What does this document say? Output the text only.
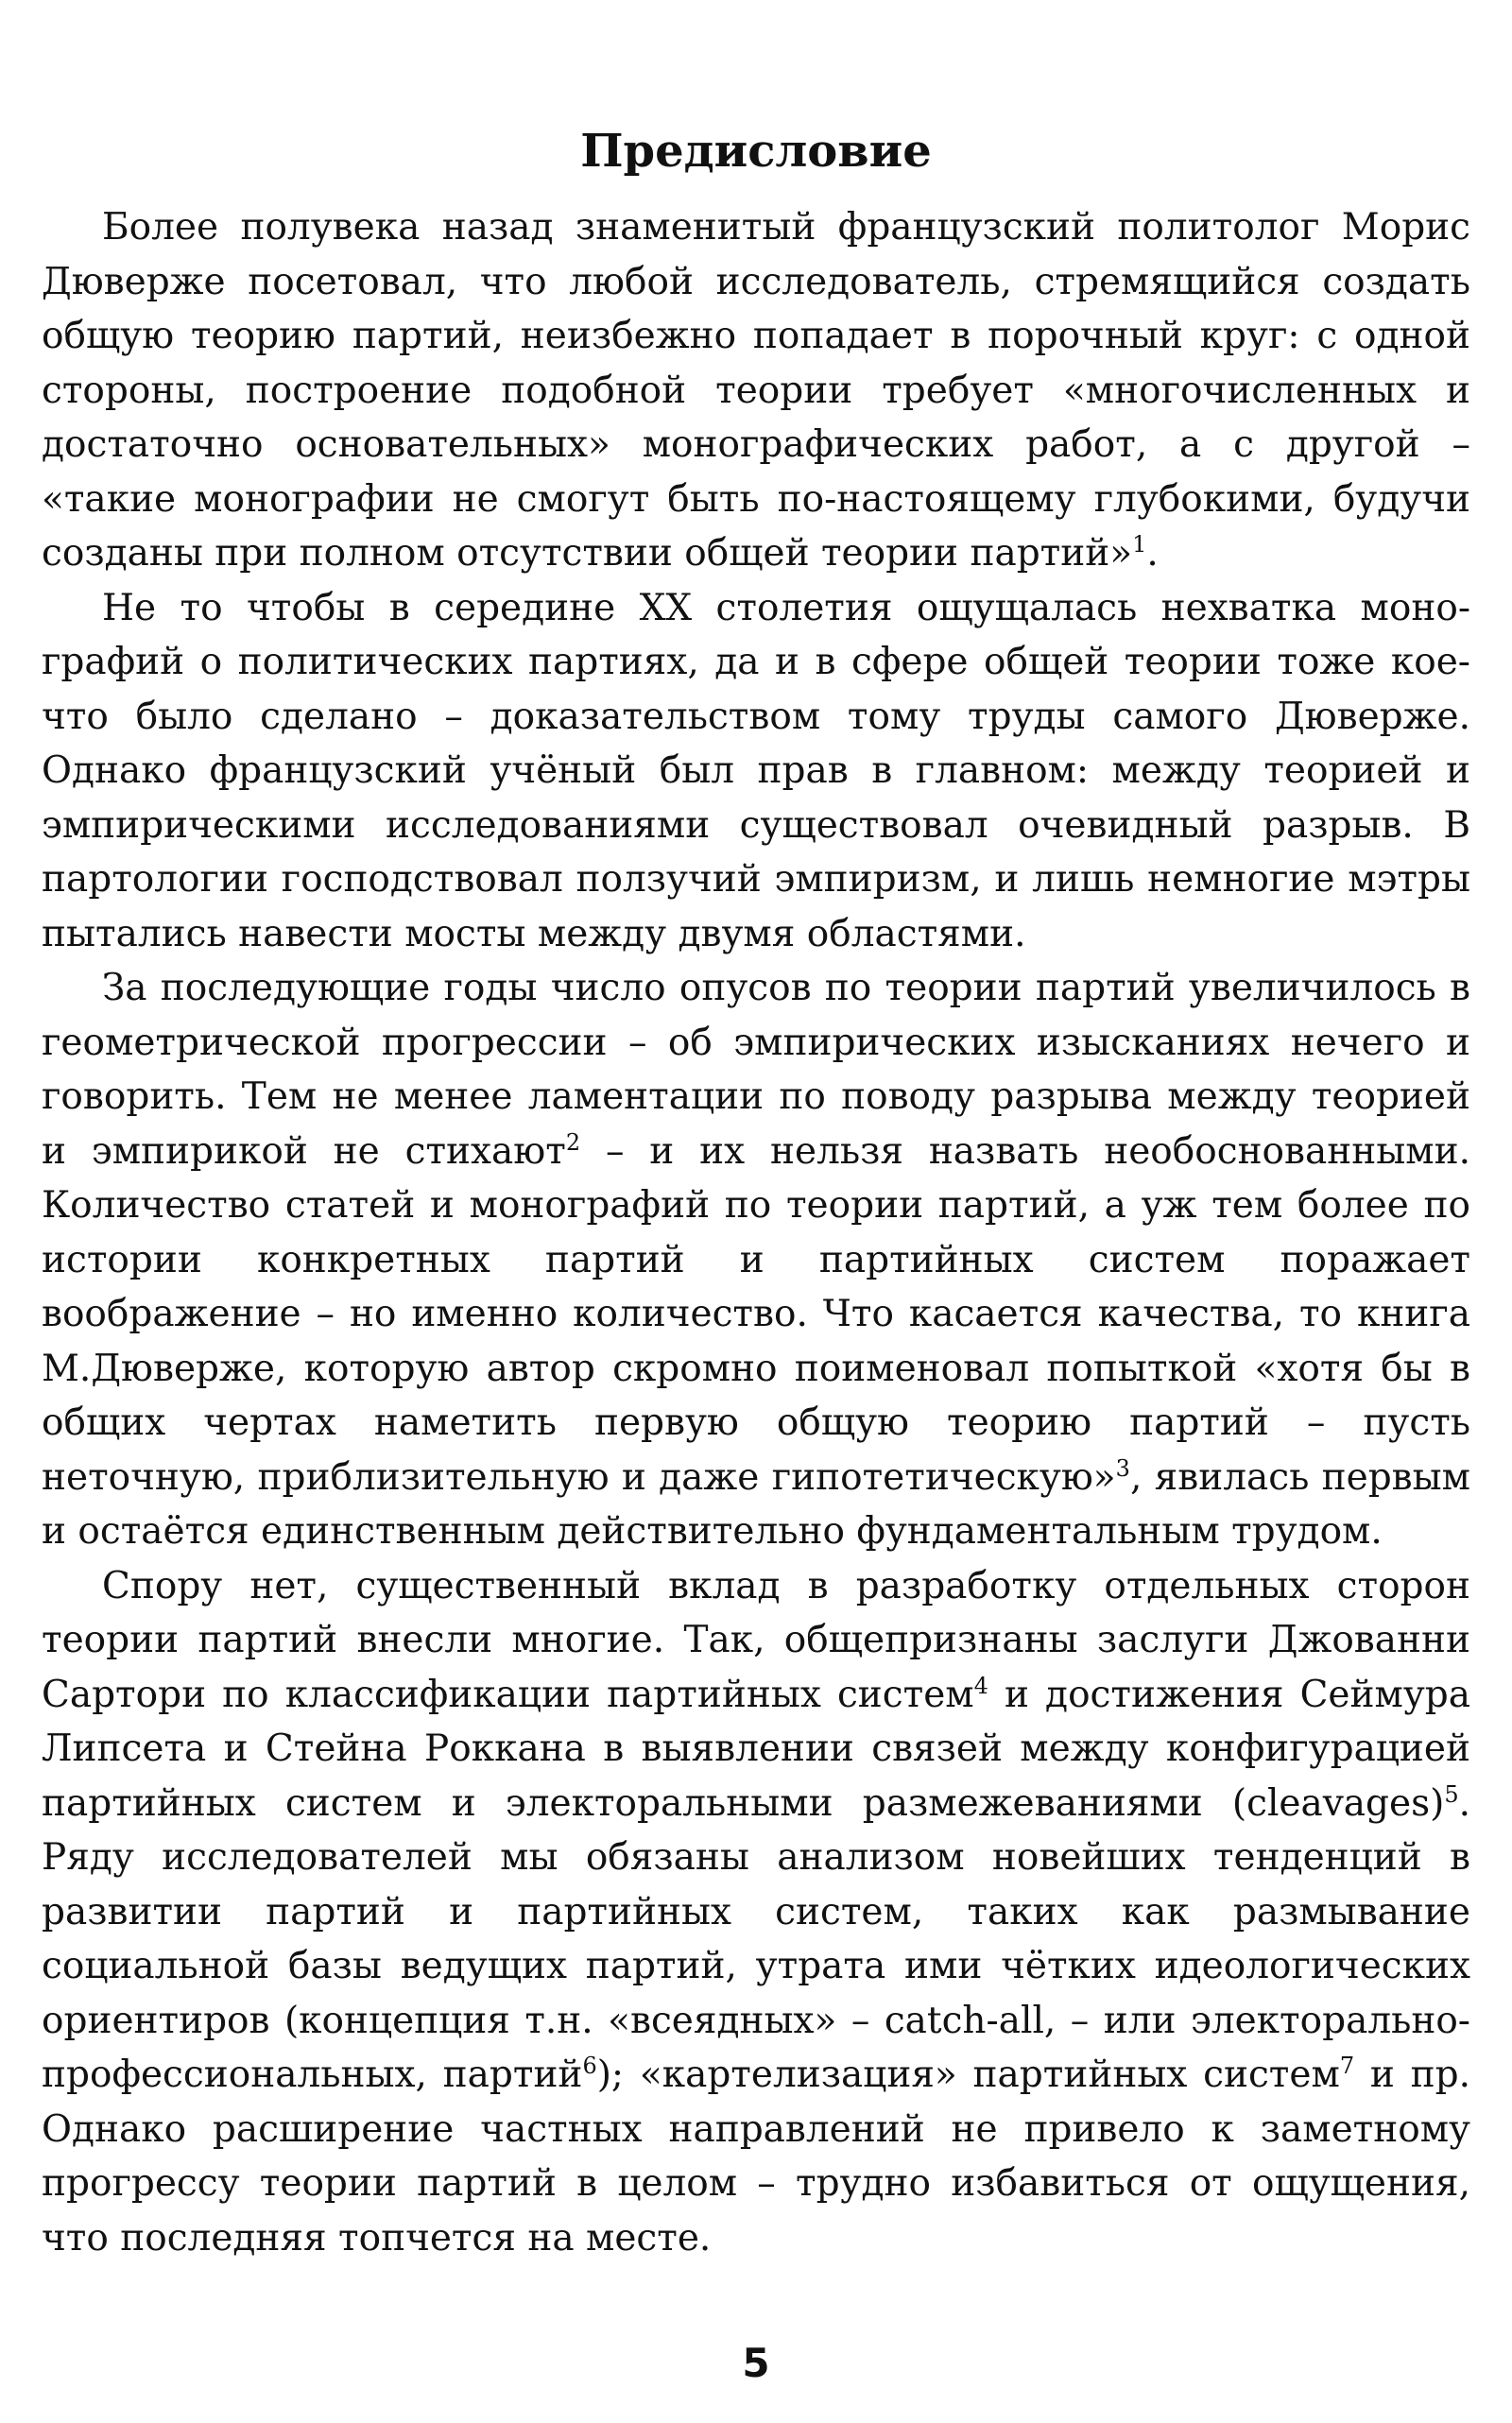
Предисловие

Более полувека назад знаменитый французский политолог Морис Дюверже посетовал, что любой исследователь, стремящийся создать общую теорию партий, неизбежно попадает в порочный круг: с одной стороны, построение подобной теории требует «многочисленных и достаточно основательных» монографических работ, а с другой – «такие монографии не смогут быть по-настоящему глубокими, будучи созданы при полном отсутствии общей теории партий»$^1$.

Не то чтобы в середине XX столетия ощущалась нехватка монографий о политических партиях, да и в сфере общей теории тоже кое-что было сделано – доказательством тому труды самого Дюверже. Однако французский учёный был прав в главном: между теорией и эмпирическими исследованиями существовал очевидный разрыв. В партологии господствовал ползучий эмпиризм, и лишь немногие мэтры пытались навести мосты между двумя областями.

За последующие годы число опусов по теории партий увеличилось в геометрической прогрессии – об эмпирических изысканиях нечего и говорить. Тем не менее ламентации по поводу разрыва между теорией и эмпирикой не стихают$^2$ – и их нельзя назвать необоснованными. Количество статей и монографий по теории партий, а уж тем более по истории конкретных партий и партийных систем поражает воображение – но именно количество. Что касается качества, то книга М.Дюверже, которую автор скромно поименовал попыткой «хотя бы в общих чертах наметить первую общую теорию партий – пусть неточную, приблизительную и даже гипотетическую»$^3$, явилась первым и остаётся единственным действительно фундаментальным трудом.

Спору нет, существенный вклад в разработку отдельных сторон теории партий внесли многие. Так, общепризнаны заслуги Джованни Сартори по классификации партийных систем$^4$ и достижения Сеймура Липсета и Стейна Роккана в выявлении связей между конфигурацией партийных систем и электоральными размежеваниями (cleavages)$^5$. Ряду исследователей мы обязаны анализом новейших тенденций в развитии партий и партийных систем, таких как размывание социальной базы ведущих партий, утрата ими чётких идеологических ориентиров (концепция т.н. «всеядных» – catch-all, – или электорально-профессиональных, партий$^6$); «картелизация» партийных систем$^7$ и пр. Однако расширение частных направлений не привело к заметному прогрессу теории партий в целом – трудно избавиться от ощущения, что последняя топчется на месте.

5
